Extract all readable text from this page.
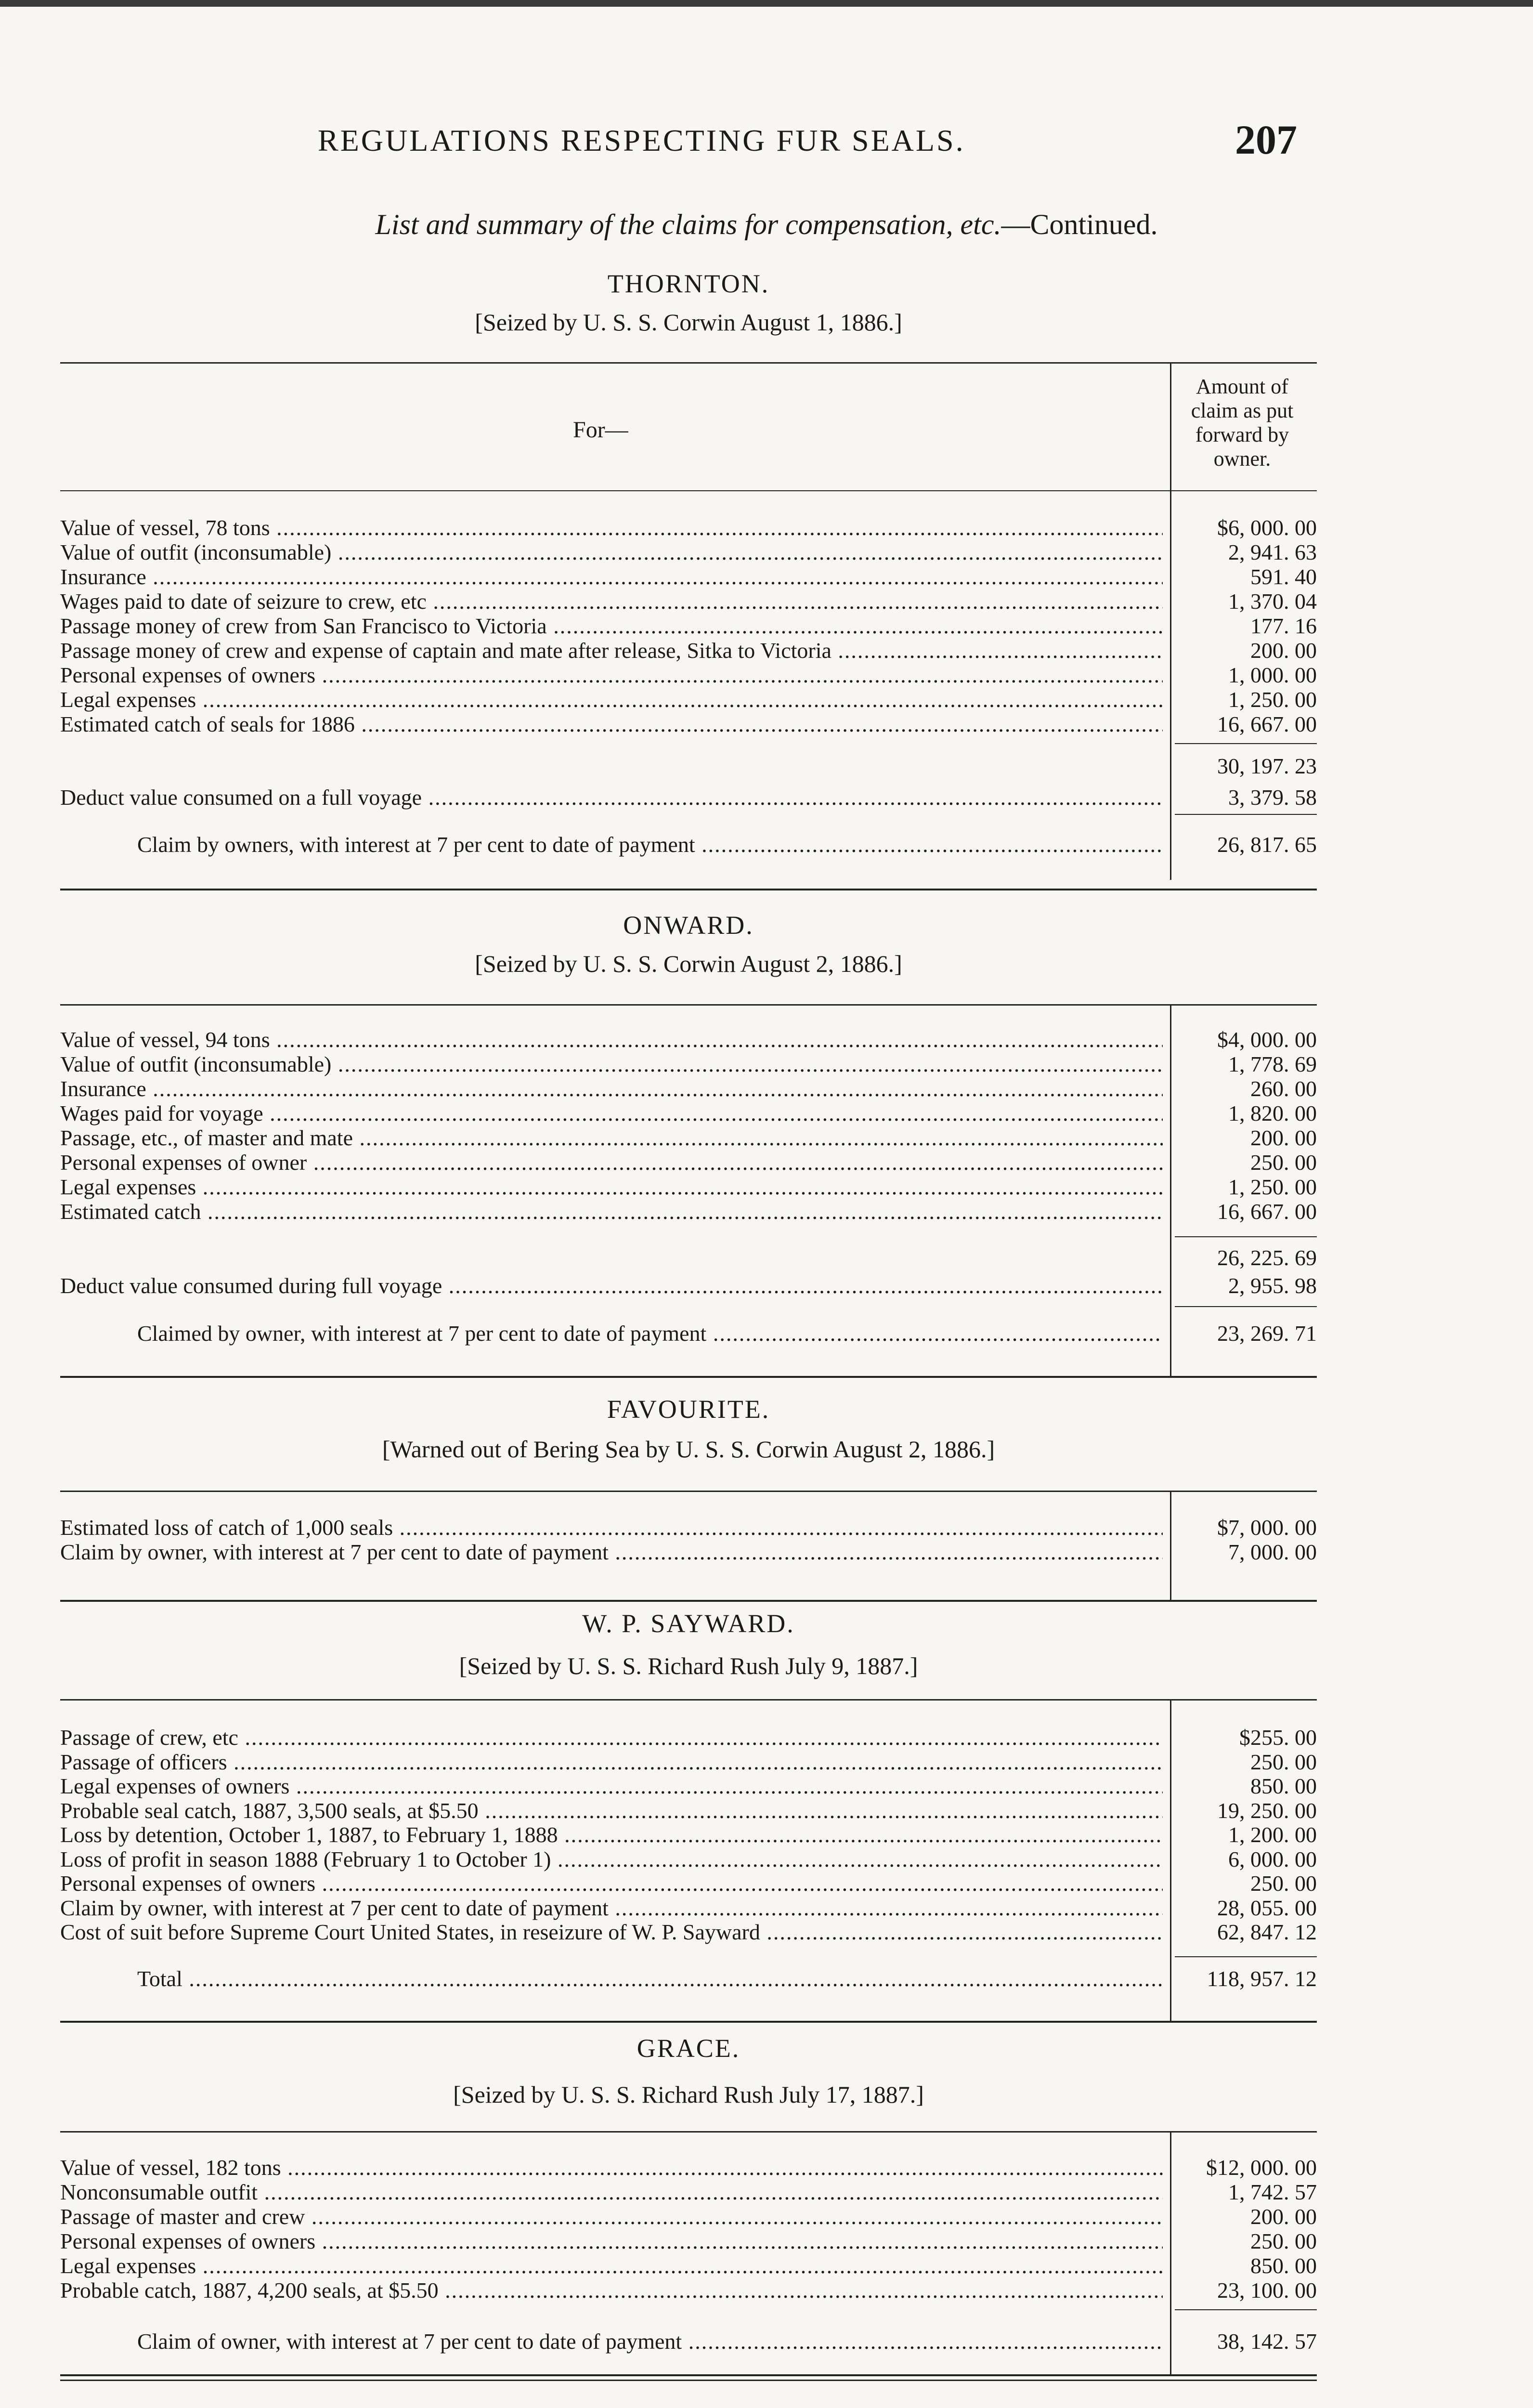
REGULATIONS RESPECTING FUR SEALS.	207
List and summary of the claims for compensation, etc.—Continued.
THORNTON.
[Seized by U. S. S. Corwin August 1, 1886.]
For—
Amount of claim as put forward by owner.
Value of vessel, 78 tons .....	$6, 000. 00
Value of outfit (inconsumable) .....	2, 941. 63
Insurance .....	591. 40
Wages paid to date of seizure to crew, etc .....	1, 370. 04
Passage money of crew from San Francisco to Victoria .....	177. 16
Passage money of crew and expense of captain and mate after release, Sitka to Victoria .....	200. 00
Personal expenses of owners .....	1, 000. 00
Legal expenses .....	1, 250. 00
Estimated catch of seals for 1886 .....	16, 667. 00
30, 197. 23
Deduct value consumed on a full voyage .....	3, 379. 58
Claim by owners, with interest at 7 per cent to date of payment .....	26, 817. 65
ONWARD.
[Seized by U. S. S. Corwin August 2, 1886.]
Value of vessel, 94 tons .....	$4, 000. 00
Value of outfit (inconsumable) .....	1, 778. 69
Insurance .....	260. 00
Wages paid for voyage .....	1, 820. 00
Passage, etc., of master and mate .....	200. 00
Personal expenses of owner .....	250. 00
Legal expenses .....	1, 250. 00
Estimated catch .....	16, 667. 00
26, 225. 69
Deduct value consumed during full voyage .....	2, 955. 98
Claimed by owner, with interest at 7 per cent to date of payment .....	23, 269. 71
FAVOURITE.
[Warned out of Bering Sea by U. S. S. Corwin August 2, 1886.]
Estimated loss of catch of 1,000 seals .....	$7, 000. 00
Claim by owner, with interest at 7 per cent to date of payment .....	7, 000. 00
W. P. SAYWARD.
[Seized by U. S. S. Richard Rush July 9, 1887.]
Passage of crew, etc .....	$255. 00
Passage of officers .....	250. 00
Legal expenses of owners .....	850. 00
Probable seal catch, 1887, 3,500 seals, at $5.50 .....	19, 250. 00
Loss by detention, October 1, 1887, to February 1, 1888 .....	1, 200. 00
Loss of profit in season 1888 (February 1 to October 1) .....	6, 000. 00
Personal expenses of owners .....	250. 00
Claim by owner, with interest at 7 per cent to date of payment .....	28, 055. 00
Cost of suit before Supreme Court United States, in reseizure of W. P. Sayward .....	62, 847. 12
Total .....	118, 957. 12
GRACE.
[Seized by U. S. S. Richard Rush July 17, 1887.]
Value of vessel, 182 tons .....	$12, 000. 00
Nonconsumable outfit .....	1, 742. 57
Passage of master and crew .....	200. 00
Personal expenses of owners .....	250. 00
Legal expenses .....	850. 00
Probable catch, 1887, 4,200 seals, at $5.50 .....	23, 100. 00
Claim of owner, with interest at 7 per cent to date of payment .....	38, 142. 57
